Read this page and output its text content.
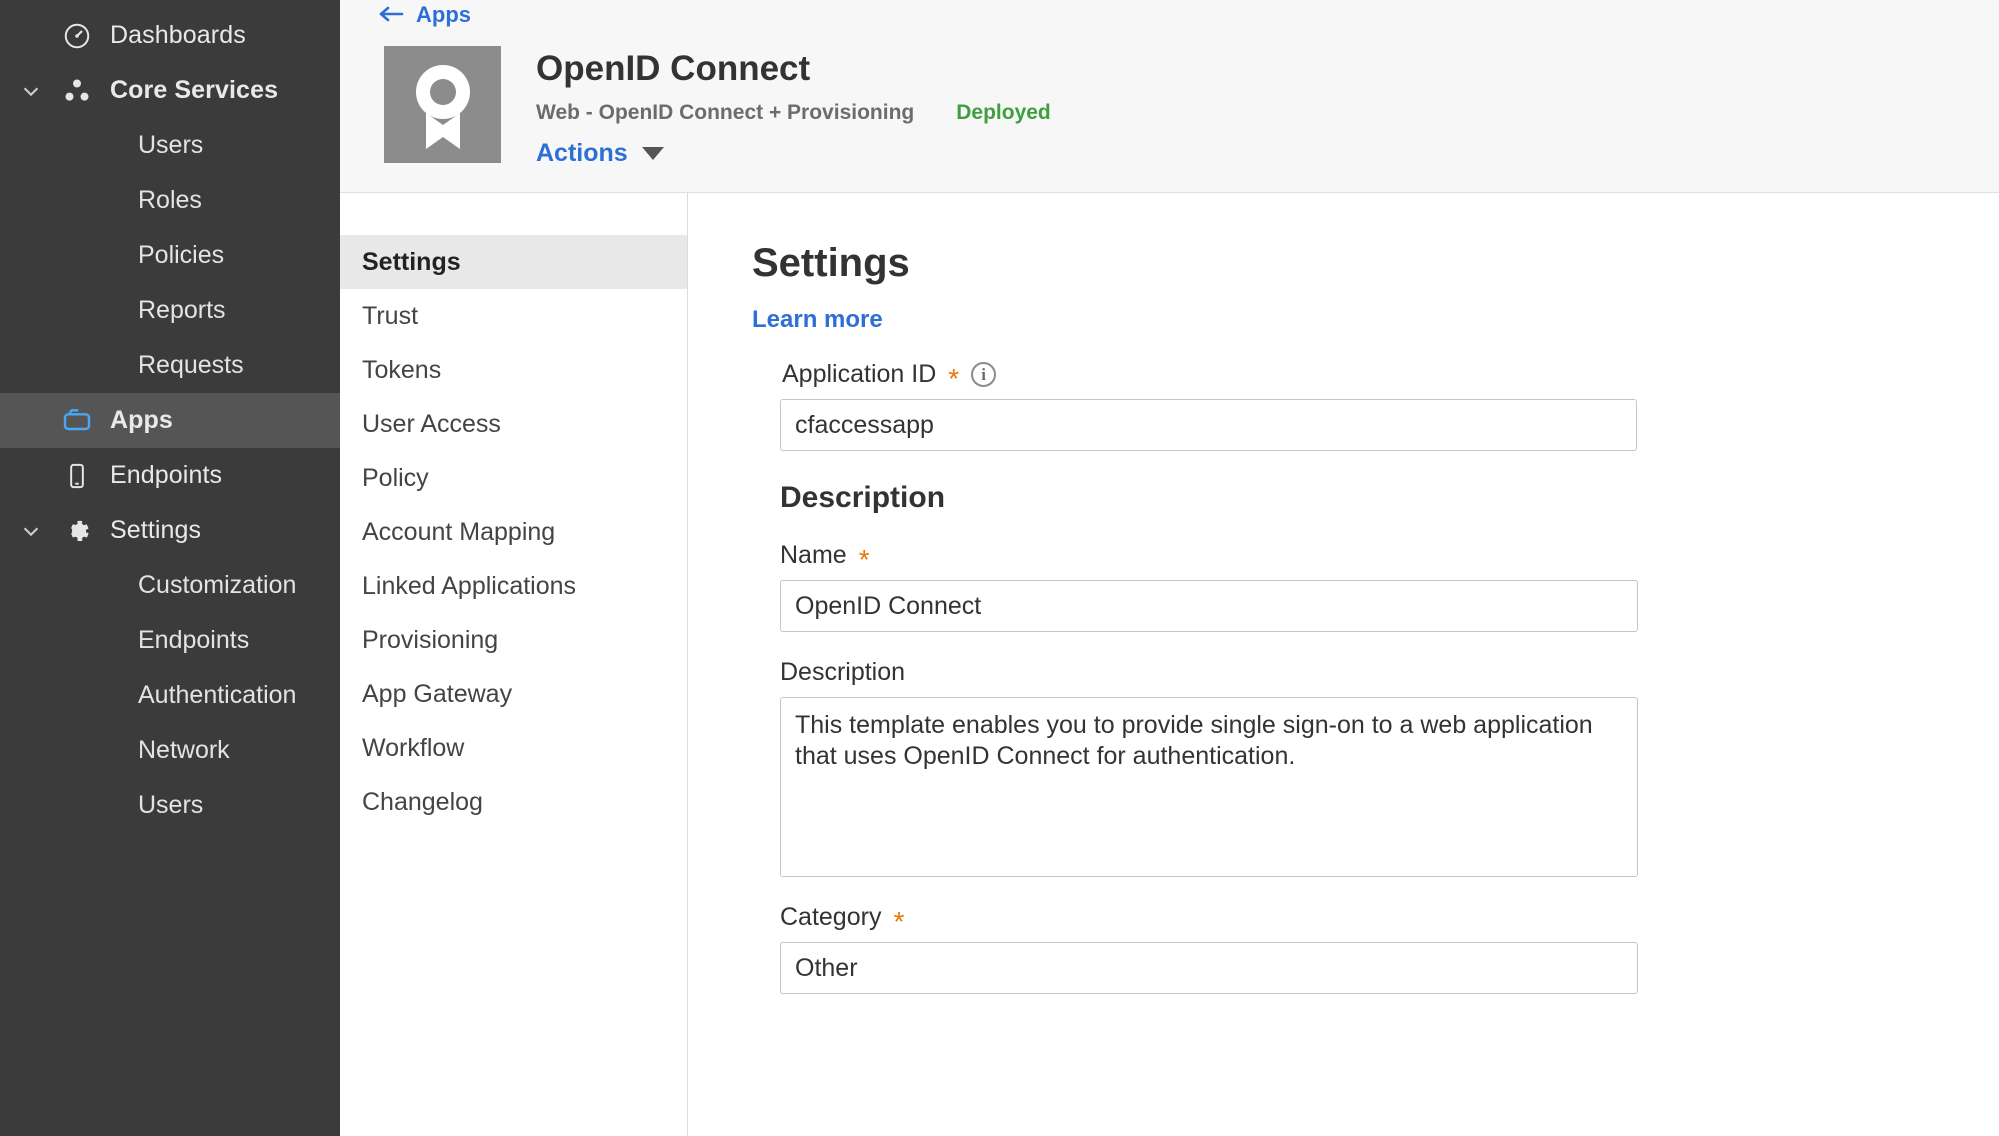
Dashboards
Core Services
Users
Roles
Policies
Reports
Requests
Apps
Endpoints
Settings
Customization
Endpoints
Authentication
Network
Users
Apps
OpenID Connect
Web - OpenID Connect + Provisioning Deployed
Actions
Settings
Trust
Tokens
User Access
Policy
Account Mapping
Linked Applications
Provisioning
App Gateway
Workflow
Changelog
Settings
Learn more
Application ID *	i
cfaccessapp
Description
Name *
OpenID Connect
Description
This template enables you to provide single sign-on to a web application that uses OpenID Connect for authentication.
Category *
Other
